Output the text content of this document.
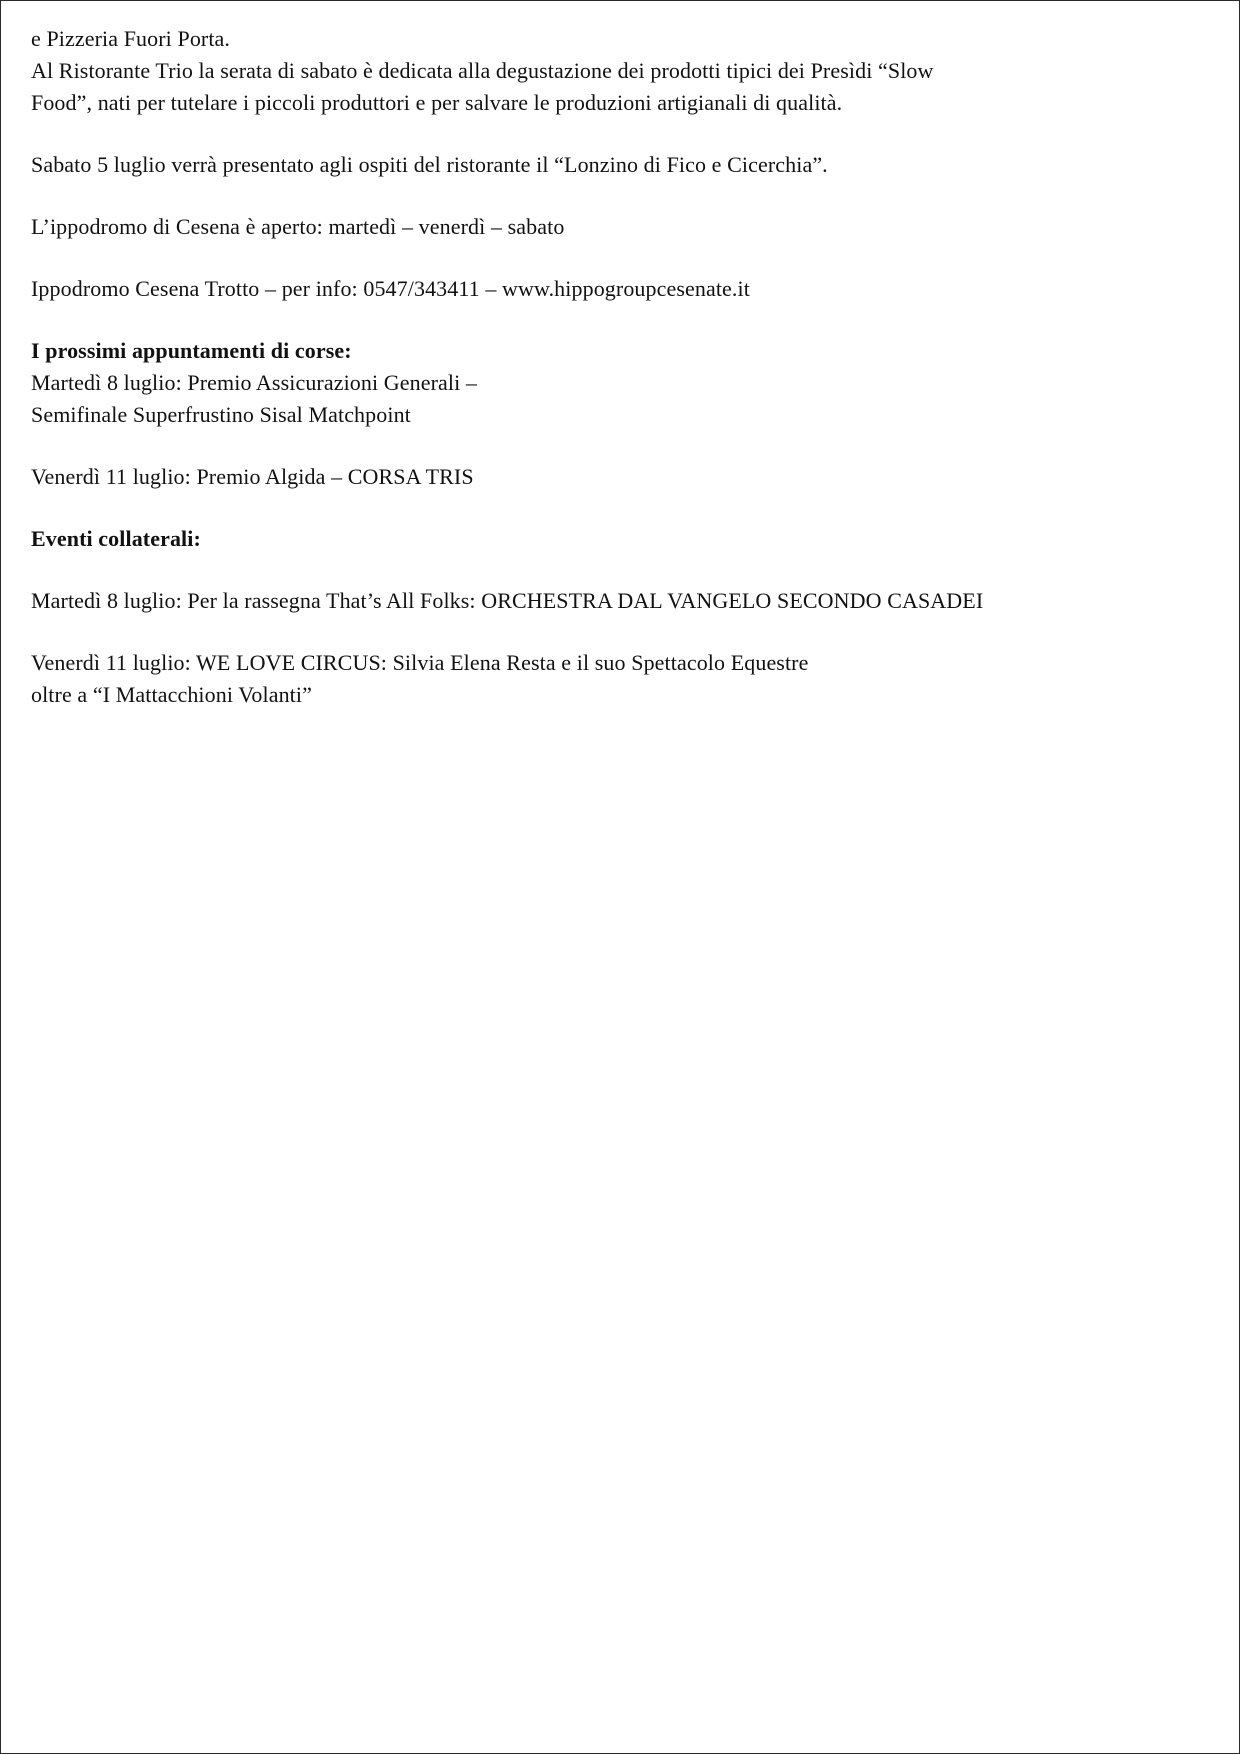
e Pizzeria Fuori Porta.
Al Ristorante Trio la serata di sabato è dedicata alla degustazione dei prodotti tipici dei Presìdi “Slow
Food”, nati per tutelare i piccoli produttori e per salvare le produzioni artigianali di qualità.
Sabato 5 luglio verrà presentato agli ospiti del ristorante il “Lonzino di Fico e Cicerchia”.
L’ippodromo di Cesena è aperto: martedì – venerdì – sabato
Ippodromo Cesena Trotto – per info: 0547/343411 – www.hippogroupcesenate.it
I prossimi appuntamenti di corse:
Martedì 8 luglio: Premio Assicurazioni Generali –
Semifinale Superfrustino Sisal Matchpoint
Venerdì 11 luglio: Premio Algida – CORSA TRIS
Eventi collaterali:
Martedì 8 luglio: Per la rassegna That’s All Folks: ORCHESTRA DAL VANGELO SECONDO CASADEI
Venerdì 11 luglio: WE LOVE CIRCUS: Silvia Elena Resta e il suo Spettacolo Equestre
oltre a “I Mattacchioni Volanti”
